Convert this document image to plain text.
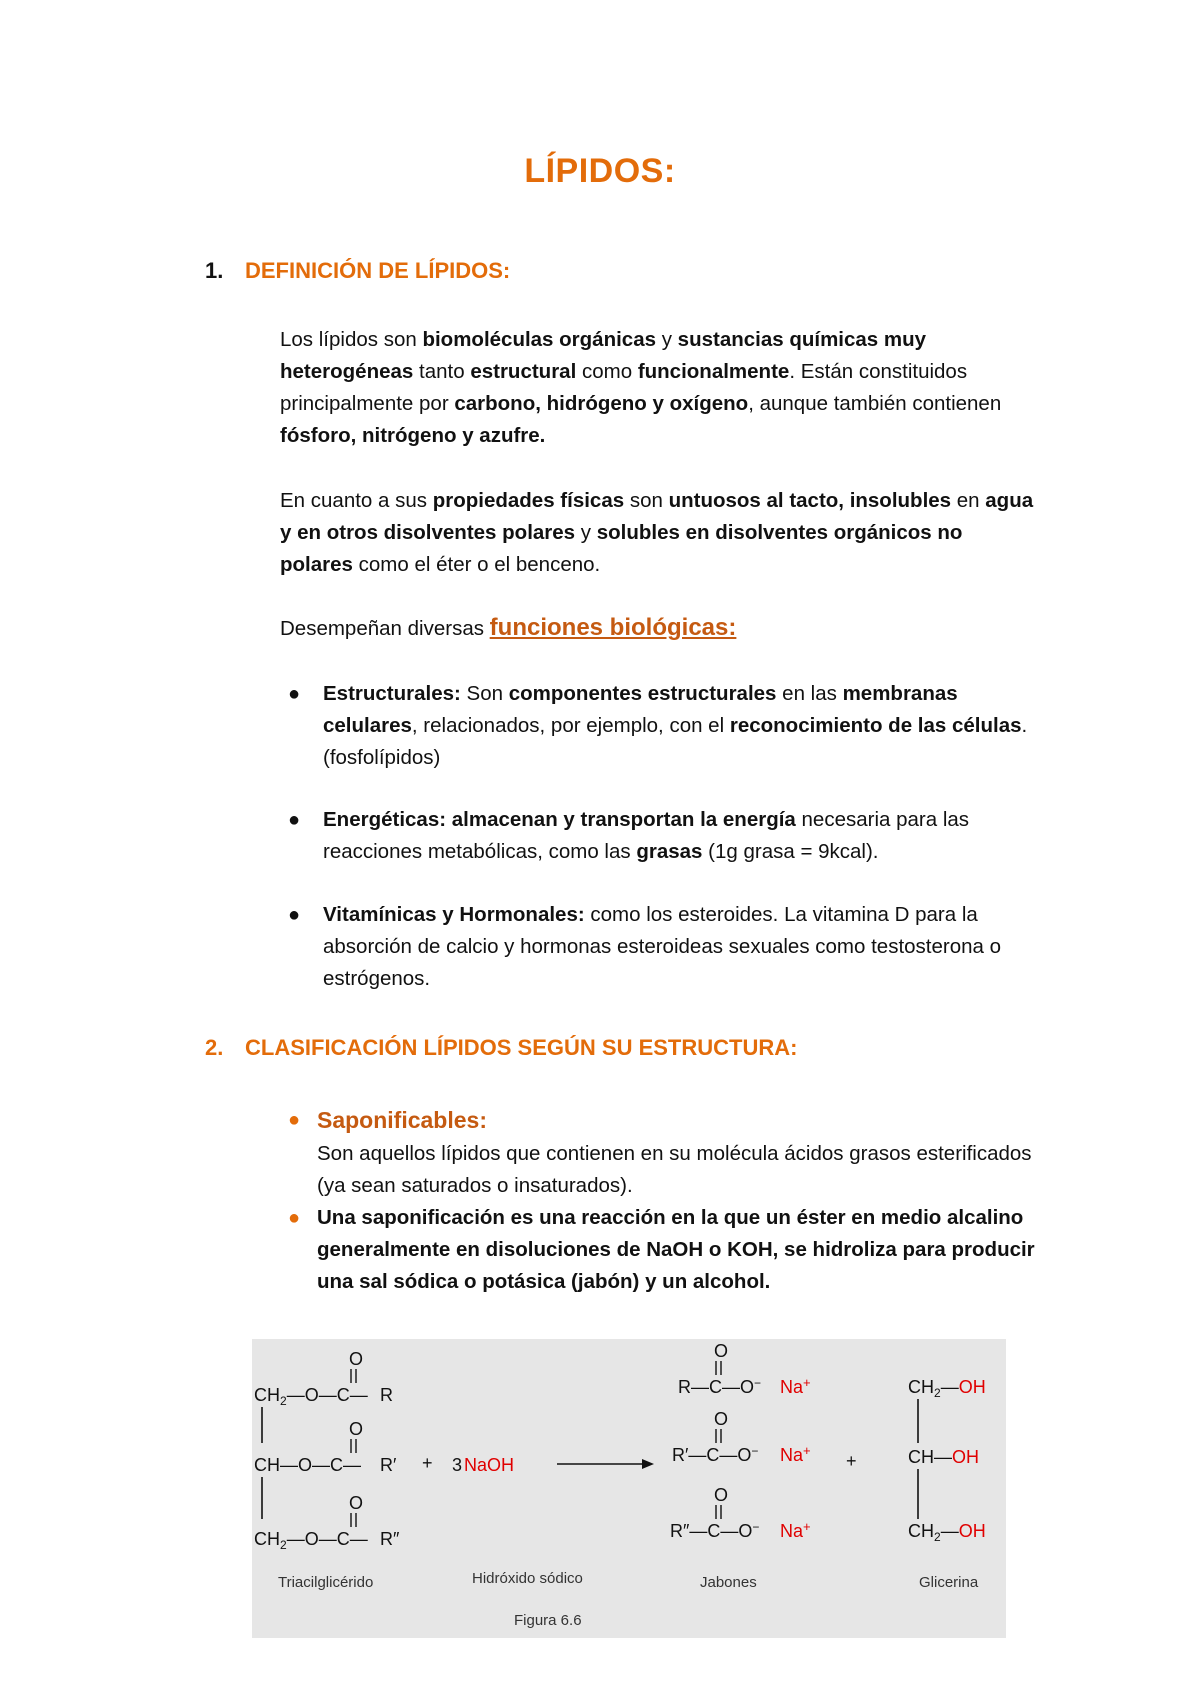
LÍPIDOS:
1. DEFINICIÓN DE LÍPIDOS:

Los lípidos son biomoléculas orgánicas y sustancias químicas muy heterogéneas tanto estructural como funcionalmente. Están constituidos principalmente por carbono, hidrógeno y oxígeno, aunque también contienen fósforo, nitrógeno y azufre.

En cuanto a sus propiedades físicas son untuosos al tacto, insolubles en agua y en otros disolventes polares y solubles en disolventes orgánicos no polares como el éter o el benceno.

Desempeñan diversas funciones biológicas:
● Estructurales: Son componentes estructurales en las membranas celulares, relacionados, por ejemplo, con el reconocimiento de las células. (fosfolípidos)
● Energéticas: almacenan y transportan la energía necesaria para las reacciones metabólicas, como las grasas (1g grasa = 9kcal).
● Vitamínicas y Hormonales: como los esteroides. La vitamina D para la absorción de calcio y hormonas esteroideas sexuales como testosterona o estrógenos.
2. CLASIFICACIÓN LÍPIDOS SEGÚN SU ESTRUCTURA:
● Saponificables:
Son aquellos lípidos que contienen en su molécula ácidos grasos esterificados (ya sean saturados o insaturados).
● Una saponificación es una reacción en la que un éster en medio alcalino generalmente en disoluciones de NaOH o KOH, se hidroliza para producir una sal sódica o potásica (jabón) y un alcohol.
O
$CH_2—O—C—$ R
O
CH—O—C— R′
O
$CH_2—O—C—$ R″
+ 3 NaOH
O
R—C—O− Na+
O
R′—C—O− Na+
O
R″—C—O− Na+
+
$CH_2—OH$
CH—OH
$CH_2—OH$
Triacilglicérido	Hidróxido sódico	Jabones	Glicerina
Figura 6.6
